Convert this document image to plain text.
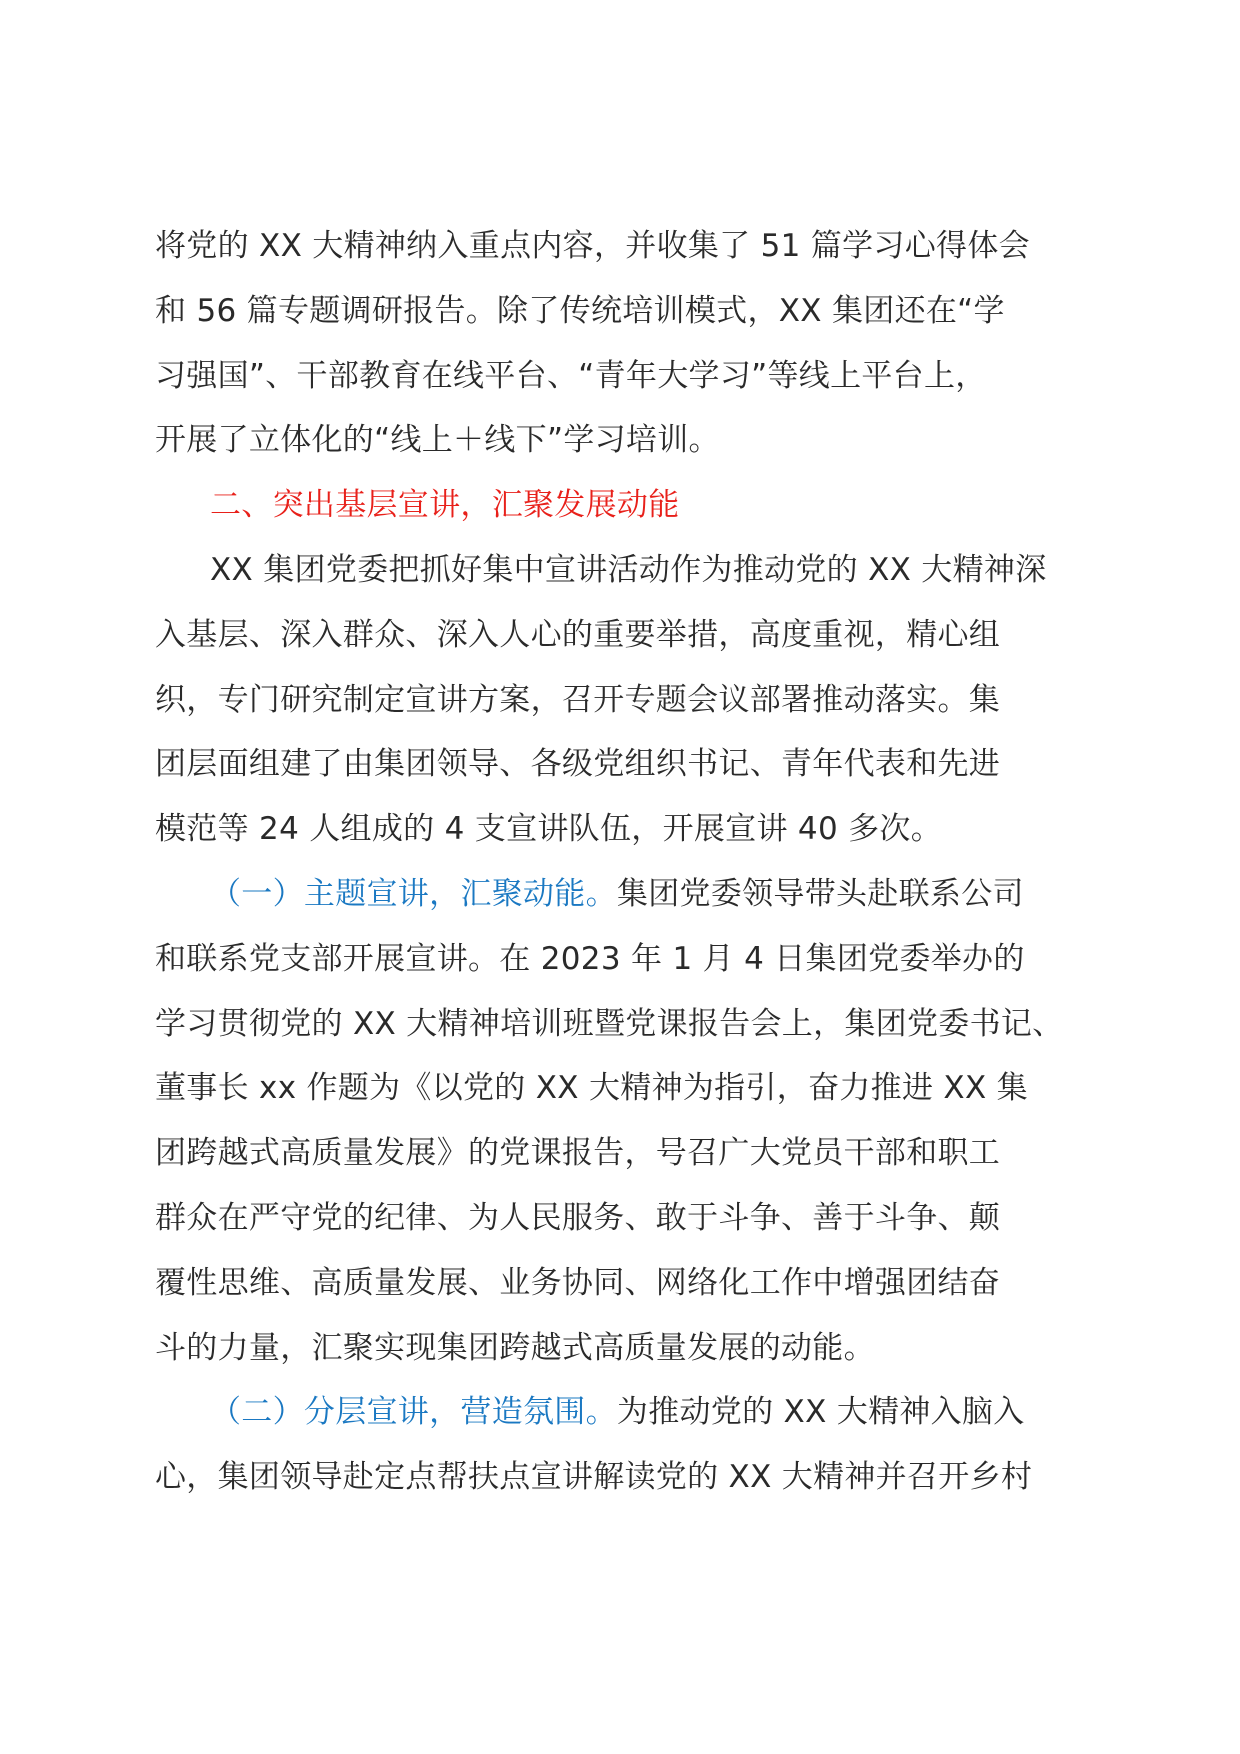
将党的 XX 大精神纳入重点内容，并收集了 51 篇学习心得体会
和 56 篇专题调研报告。除了传统培训模式，XX 集团还在“学
习强国”、干部教育在线平台、“青年大学习”等线上平台上，
开展了立体化的“线上＋线下”学习培训。

二、突出基层宣讲，汇聚发展动能

XX 集团党委把抓好集中宣讲活动作为推动党的 XX 大精神深
入基层、深入群众、深入人心的重要举措，高度重视，精心组
织，专门研究制定宣讲方案，召开专题会议部署推动落实。集
团层面组建了由集团领导、各级党组织书记、青年代表和先进
模范等 24 人组成的 4 支宣讲队伍，开展宣讲 40 多次。

（一）主题宣讲，汇聚动能。集团党委领导带头赴联系公司
和联系党支部开展宣讲。在 2023 年 1 月 4 日集团党委举办的
学习贯彻党的 XX 大精神培训班暨党课报告会上，集团党委书记、
董事长 xx 作题为《以党的 XX 大精神为指引，奋力推进 XX 集
团跨越式高质量发展》的党课报告，号召广大党员干部和职工
群众在严守党的纪律、为人民服务、敢于斗争、善于斗争、颠
覆性思维、高质量发展、业务协同、网络化工作中增强团结奋
斗的力量，汇聚实现集团跨越式高质量发展的动能。

（二）分层宣讲，营造氛围。为推动党的 XX 大精神入脑入
心，集团领导赴定点帮扶点宣讲解读党的 XX 大精神并召开乡村
